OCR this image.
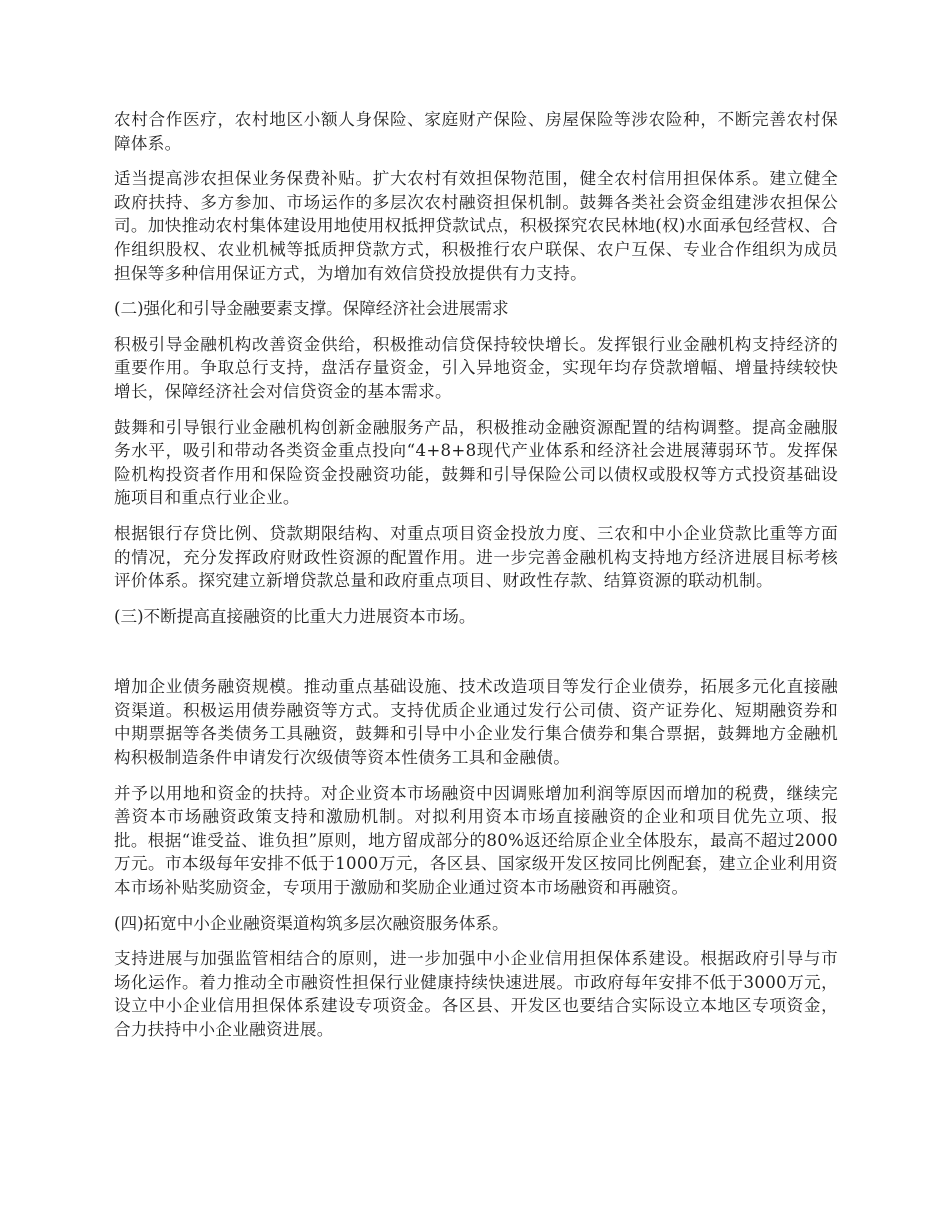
农村合作医疗，农村地区小额人身保险、家庭财产保险、房屋保险等涉农险种，不断完善农村保障体系。

适当提高涉农担保业务保费补贴。扩大农村有效担保物范围，健全农村信用担保体系。建立健全政府扶持、多方参加、市场运作的多层次农村融资担保机制。鼓舞各类社会资金组建涉农担保公司。加快推动农村集体建设用地使用权抵押贷款试点，积极探究农民林地(权)水面承包经营权、合作组织股权、农业机械等抵质押贷款方式，积极推行农户联保、农户互保、专业合作组织为成员担保等多种信用保证方式，为增加有效信贷投放提供有力支持。

(二)强化和引导金融要素支撑。保障经济社会进展需求

积极引导金融机构改善资金供给，积极推动信贷保持较快增长。发挥银行业金融机构支持经济的重要作用。争取总行支持，盘活存量资金，引入异地资金，实现年均存贷款增幅、增量持续较快增长，保障经济社会对信贷资金的基本需求。

鼓舞和引导银行业金融机构创新金融服务产品，积极推动金融资源配置的结构调整。提高金融服务水平，吸引和带动各类资金重点投向“4+8+8现代产业体系和经济社会进展薄弱环节。发挥保险机构投资者作用和保险资金投融资功能，鼓舞和引导保险公司以债权或股权等方式投资基础设施项目和重点行业企业。

根据银行存贷比例、贷款期限结构、对重点项目资金投放力度、三农和中小企业贷款比重等方面的情况，充分发挥政府财政性资源的配置作用。进一步完善金融机构支持地方经济进展目标考核评价体系。探究建立新增贷款总量和政府重点项目、财政性存款、结算资源的联动机制。

(三)不断提高直接融资的比重大力进展资本市场。

增加企业债务融资规模。推动重点基础设施、技术改造项目等发行企业债券，拓展多元化直接融资渠道。积极运用债券融资等方式。支持优质企业通过发行公司债、资产证券化、短期融资券和中期票据等各类债务工具融资，鼓舞和引导中小企业发行集合债券和集合票据，鼓舞地方金融机构积极制造条件申请发行次级债等资本性债务工具和金融债。

并予以用地和资金的扶持。对企业资本市场融资中因调账增加利润等原因而增加的税费，继续完善资本市场融资政策支持和激励机制。对拟利用资本市场直接融资的企业和项目优先立项、报批。根据“谁受益、谁负担”原则，地方留成部分的80%返还给原企业全体股东，最高不超过2000万元。市本级每年安排不低于1000万元，各区县、国家级开发区按同比例配套，建立企业利用资本市场补贴奖励资金，专项用于激励和奖励企业通过资本市场融资和再融资。

(四)拓宽中小企业融资渠道构筑多层次融资服务体系。

支持进展与加强监管相结合的原则，进一步加强中小企业信用担保体系建设。根据政府引导与市场化运作。着力推动全市融资性担保行业健康持续快速进展。市政府每年安排不低于3000万元，设立中小企业信用担保体系建设专项资金。各区县、开发区也要结合实际设立本地区专项资金，合力扶持中小企业融资进展。
